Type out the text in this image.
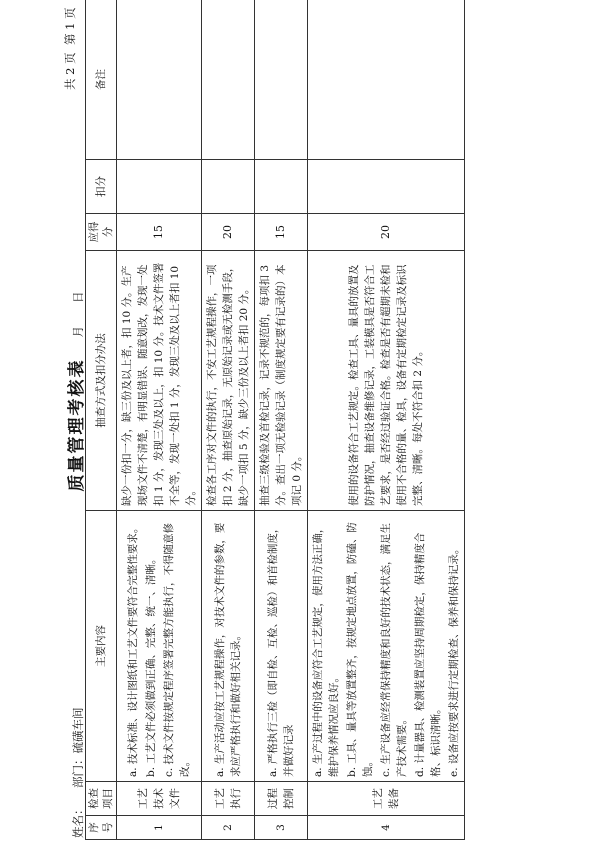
质量管理考核表
姓名：
部门：硫磺车间
年　　月　　日
共 2 页  第 1 页
序号	检查项目	主要内容	抽查方式及扣分办法	应得分	扣分	备注
1	工艺技术文件	a. 技术标准、设计图纸和工艺文件要符合完整性要求。 b. 工艺文件必须做到正确、完整、统一、清晰。 c. 技术文件按规定程序签署完整方能执行，不得随意修改。	缺少一份扣一分，缺三份及以上者，扣 10 分。生产现场文件不清楚，有明显错误、随意划改，发现一处扣 1 分，发现三处及以上，扣 10 分。技术文件签署不全等，发现一处扣 1 分，发现三处及以上者扣 10 分。	15		
2	工艺执行	a. 生产活动应按工艺规程操作，对技术文件的参数，要求应严格执行和做好相关记录。	检查各工序对文件的执行，不安工艺规程操作，一项扣 2 分，抽查原始记录，无原始记录或无检测手段，缺少一项扣 5 分，缺少三份及以上者扣 20 分。	20		
3	过程控制	a. 严格执行三检（即自检、互检、巡检）和首检制度，并做好记录	抽查三级检验及首检记录，记录不规范的，每项扣 3 分。查出一项无检验记录（制度规定要有记录的）本项记 0 分。	15		
4	工艺装备	a. 生产过程中的设备应符合工艺规定，使用方法正确，维护保养情况应良好。 b. 工具、量具等放置整齐，按规定地点放置，防磕、防蚀。 c. 生产设备应经常保持精度和良好的技术状态，满足生产技术需要。 d. 计量器具、检测装置应坚持周期检定，保持精度合格、标识清晰。 e. 设备应按要求进行定期检查、保养和保持记录。	使用的设备符合工艺规定。检查工具、量具的放置及防护情况，抽查设备维修记录，工装模具是否符合工艺要求，是否经过验证合格。检查是否有超期未检和使用不合格的量、检具，设备有定期检定记录及标识完整、清晰。每处不符合扣 2 分。	20		
